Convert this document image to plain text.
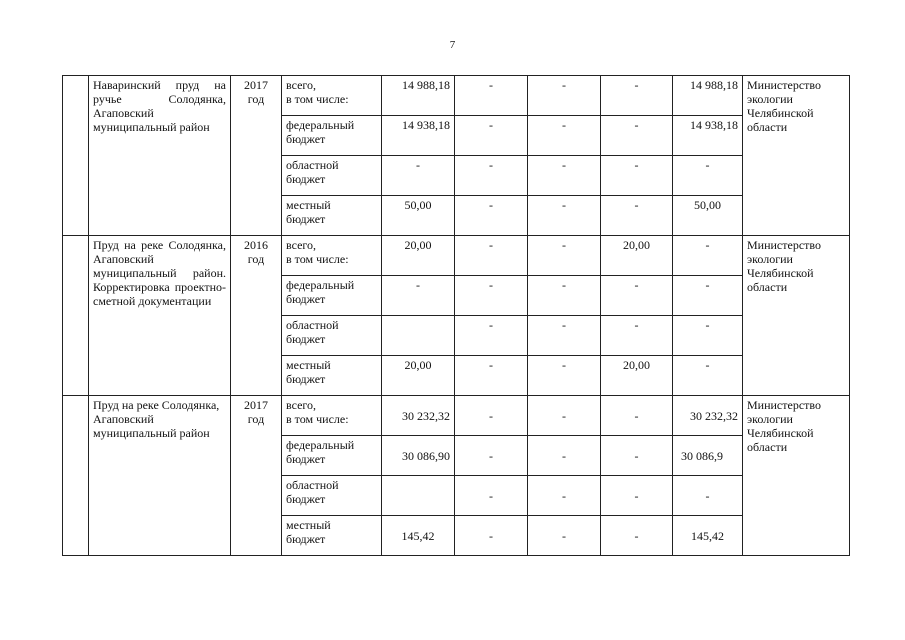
7
	Наваринский пруд на ручье Солодянка, Агаповский муниципальный район	2017 год	всего,
в том числе:	14 988,18	-	-	-	14 988,18	Министерство экологии Челябинской области

			федеральный
бюджет	14 938,18	-	-	-	14 938,18	

			областной
бюджет	-	-	-	-	-	

			местный
бюджет	50,00	-	-	-	50,00	
	Пруд на реке Солодянка, Агаповский муниципальный район. Корректировка проектно-сметной документации	2016 год	всего,
в том числе:	20,00	-	-	20,00	-	Министерство экологии Челябинской области

			федеральный
бюджет	-	-	-	-	-	

			областной
бюджет		-	-	-	-	

			местный
бюджет	20,00	-	-	20,00	-	
	Пруд на реке Солодянка, Агаповский муниципальный район	2017 год	всего,
в том числе:	30 232,32	-	-	-	30 232,32	Министерство экологии Челябинской области

			федеральный
бюджет	30 086,90	-	-	-	30 086,9	

			областной
бюджет		-	-	-	-	

			местный
бюджет	145,42	-	-	-	145,42	
